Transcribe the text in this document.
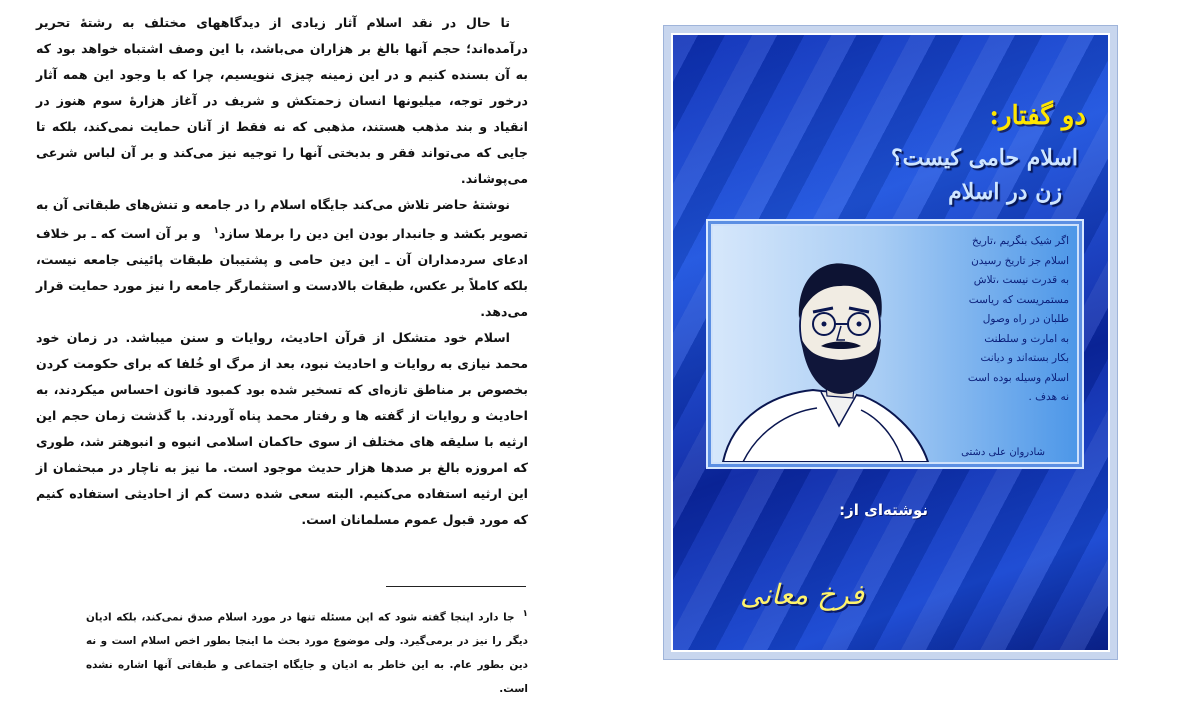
تا حال در نقد اسلام آثار زیادی از دیدگاههای مختلف به رشتهٔ تحریر درآمده‌اند؛ حجم آنها بالغ بر هزاران می‌باشد، با این وصف اشتباه خواهد بود که به آن بسنده کنیم و در این زمینه چیزی ننویسیم، چرا که با وجود این همه آثار درخور توجه، میلیونها انسان زحمتکش و شریف در آغاز هزارهٔ سوم هنوز در انقیاد و بند مذهب هستند، مذهبی که نه فقط از آنان حمایت نمی‌کند، بلکه تا جایی که می‌تواند فقر و بدبختی آنها را توجیه نیز می‌کند و بر آن لباس شرعی می‌پوشاند.

نوشتهٔ حاضر تلاش می‌کند جایگاه اسلام را در جامعه و تنش‌های طبقاتی آن به تصویر بکشد و جانبدار بودن این دین را برملا سازد$^۱$ و بر آن است که ـ بر خلاف ادعای سردمداران آن ـ این دین حامی و پشتیبان طبقات پائینی جامعه نیست، بلکه کاملاً بر عکس، طبقات بالادست و استثمارگر جامعه را نیز مورد حمایت قرار می‌دهد.

اسلام خود متشکل از قرآن احادیث، روایات و سنن میباشد. در زمان خود محمد نیازی به روایات و احادیث نبود، بعد از مرگ او خُلفا که برای حکومت کردن بخصوص بر مناطق تازه‌ای که تسخیر شده بود کمبود قانون احساس میکردند، به احادیث و روایات از گفته ها و رفتار محمد پناه آوردند. با گذشت زمان حجم این ارثیه با سلیقه های مختلف از سوی حاکمان اسلامی انبوه و انبوهتر شد، طوری که امروزه بالغ بر صدها هزار حدیث موجود است. ما نیز به ناچار در مبحثمان از این ارثیه استفاده می‌کنیم. البته سعی شده دست کم از احادیثی استفاده کنیم که مورد قبول عموم مسلمانان است.

۱جا دارد اینجا گفته شود که این مسئله تنها در مورد اسلام صدق نمی‌کند، بلکه ادیان دیگر را نیز در برمی‌گیرد. ولی موضوع مورد بحث ما اینجا بطور اخص اسلام است و نه دین بطور عام. به این خاطر به ادیان و جایگاه اجتماعی و طبقاتی آنها اشاره نشده است.

دو گفتار:
اسلام حامی کیست؟
زن در اسلام
اگر شیک بنگریم ،تاریخ
اسلام جز تاریخ رسیدن
به قدرت نیست ،تلاش
مستمریست که ریاست
طلبان در راه وصول
به امارت و سلطنت
بکار بسته‌اند و دیانت
اسلام وسیله بوده است
نه هدف .
شادروان علی دشتی
نوشته‌ای از:
فرخ معانی
